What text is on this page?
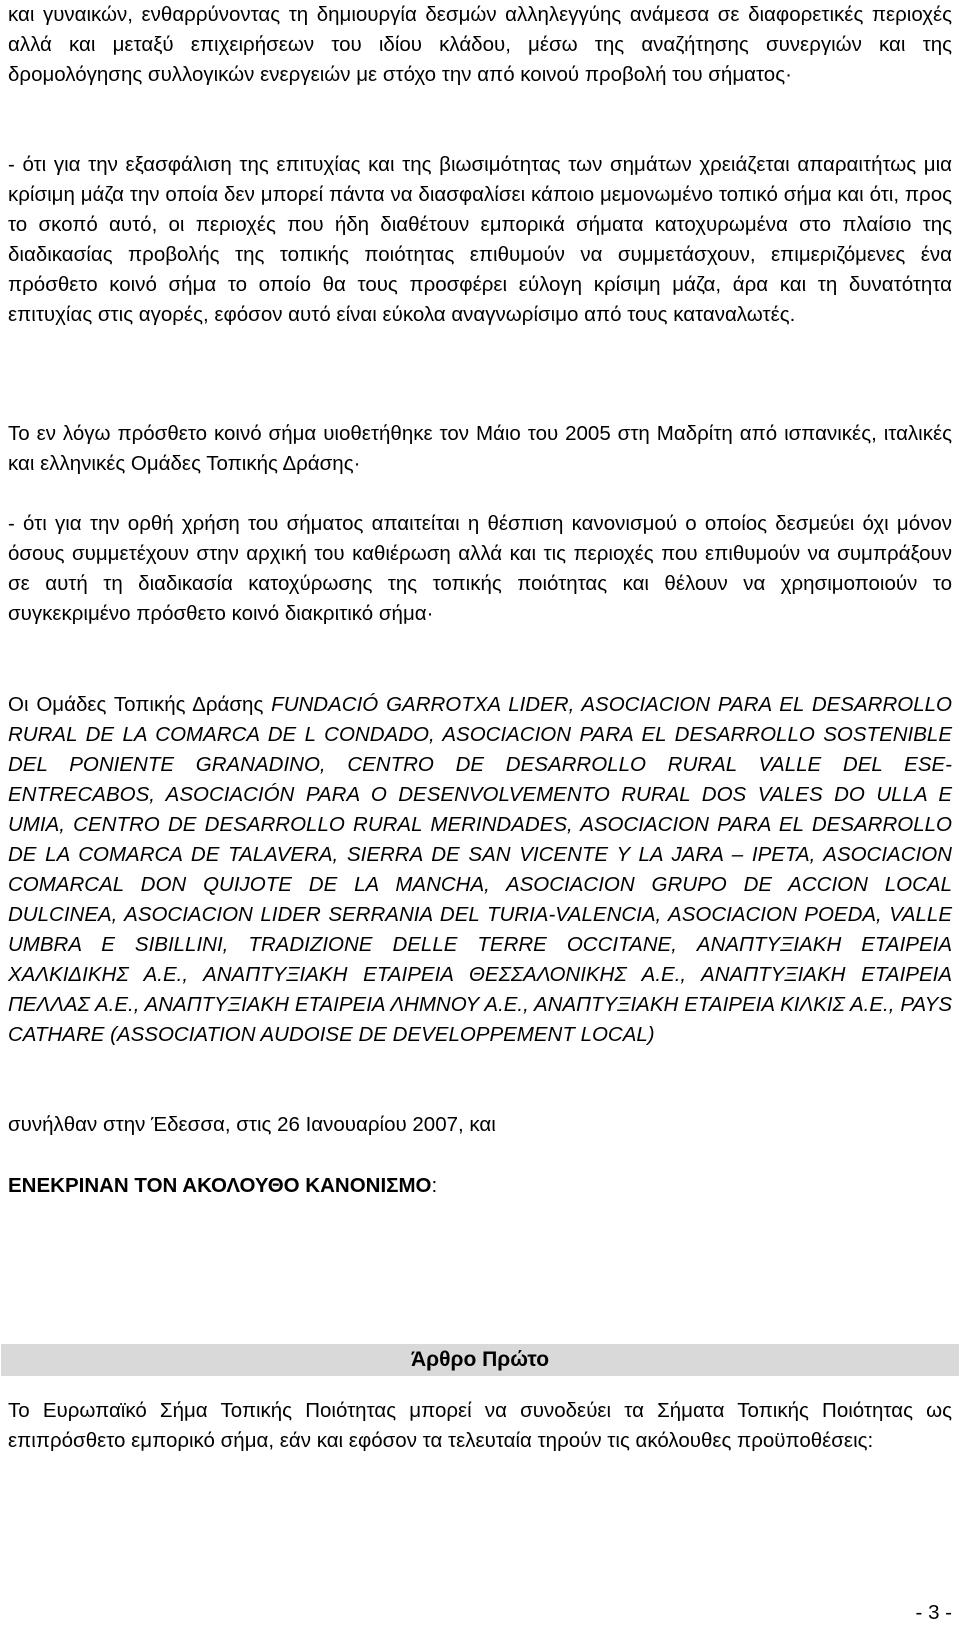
και γυναικών, ενθαρρύνοντας τη δημιουργία δεσμών αλληλεγγύης ανάμεσα σε διαφορετικές περιοχές αλλά και μεταξύ επιχειρήσεων του ιδίου κλάδου, μέσω της αναζήτησης συνεργιών και της δρομολόγησης συλλογικών ενεργειών με στόχο την από κοινού προβολή του σήματος·

- ότι για την εξασφάλιση της επιτυχίας και της βιωσιμότητας των σημάτων χρειάζεται απαραιτήτως μια κρίσιμη μάζα την οποία δεν μπορεί πάντα να διασφαλίσει κάποιο μεμονωμένο τοπικό σήμα και ότι, προς το σκοπό αυτό, οι περιοχές που ήδη διαθέτουν εμπορικά σήματα κατοχυρωμένα στο πλαίσιο της διαδικασίας προβολής της τοπικής ποιότητας επιθυμούν να συμμετάσχουν, επιμεριζόμενες ένα πρόσθετο κοινό σήμα το οποίο θα τους προσφέρει εύλογη κρίσιμη μάζα, άρα και τη δυνατότητα επιτυχίας στις αγορές, εφόσον αυτό είναι εύκολα αναγνωρίσιμο από τους καταναλωτές.

Το εν λόγω πρόσθετο κοινό σήμα υιοθετήθηκε τον Μάιο του 2005 στη Μαδρίτη από ισπανικές, ιταλικές και ελληνικές Ομάδες Τοπικής Δράσης·

- ότι για την ορθή χρήση του σήματος απαιτείται η θέσπιση κανονισμού ο οποίος δεσμεύει όχι μόνον όσους συμμετέχουν στην αρχική του καθιέρωση αλλά και τις περιοχές που επιθυμούν να συμπράξουν σε αυτή τη διαδικασία κατοχύρωσης της τοπικής ποιότητας και θέλουν να χρησιμοποιούν το συγκεκριμένο πρόσθετο κοινό διακριτικό σήμα·

Οι Ομάδες Τοπικής Δράσης FUNDACIÓ GARROTXA LIDER, ASOCIACION PARA EL DESARROLLO RURAL DE LA COMARCA DE L CONDADO, ASOCIACION PARA EL DESARROLLO SOSTENIBLE DEL PONIENTE GRANADINO, CENTRO DE DESARROLLO RURAL VALLE DEL ESE-ENTRECABOS, ASOCIACIÓN PARA O DESENVOLVEMENTO RURAL DOS VALES DO ULLA E UMIA, CENTRO DE DESARROLLO RURAL MERINDADES, ASOCIACION PARA EL DESARROLLO DE LA COMARCA DE TALAVERA, SIERRA DE SAN VICENTE Y LA JARA – IPETA, ASOCIACION COMARCAL DON QUIJOTE DE LA MANCHA, ASOCIACION GRUPO DE ACCION LOCAL DULCINEA, ASOCIACION LIDER SERRANIA DEL TURIA-VALENCIA, ASOCIACION POEDA, VALLE UMBRA E SIBILLINI, TRADIZIONE DELLE TERRE OCCITANE, ΑΝΑΠΤΥΞΙΑΚΗ ΕΤΑΙΡΕΙΑ ΧΑΛΚΙΔΙΚΗΣ Α.Ε., ΑΝΑΠΤΥΞΙΑΚΗ ΕΤΑΙΡΕΙΑ ΘΕΣΣΑΛΟΝΙΚΗΣ Α.Ε., ΑΝΑΠΤΥΞΙΑΚΗ ΕΤΑΙΡΕΙΑ ΠΕΛΛΑΣ Α.Ε., ΑΝΑΠΤΥΞΙΑΚΗ ΕΤΑΙΡΕΙΑ ΛΗΜΝΟΥ Α.Ε., ΑΝΑΠΤΥΞΙΑΚΗ ΕΤΑΙΡΕΙΑ ΚΙΛΚΙΣ Α.Ε., PAYS CATHARE (ASSOCIATION AUDOISE DE DEVELOPPEMENT LOCAL)

συνήλθαν στην Έδεσσα, στις 26 Ιανουαρίου 2007, και

ΕΝΕΚΡΙΝΑΝ ΤΟΝ ΑΚΟΛΟΥΘΟ ΚΑΝΟΝΙΣΜΟ:

Άρθρο Πρώτο

Το Ευρωπαϊκό Σήμα Τοπικής Ποιότητας μπορεί να συνοδεύει τα Σήματα Τοπικής Ποιότητας ως επιπρόσθετο εμπορικό σήμα, εάν και εφόσον τα τελευταία τηρούν τις ακόλουθες προϋποθέσεις:

- 3 -
